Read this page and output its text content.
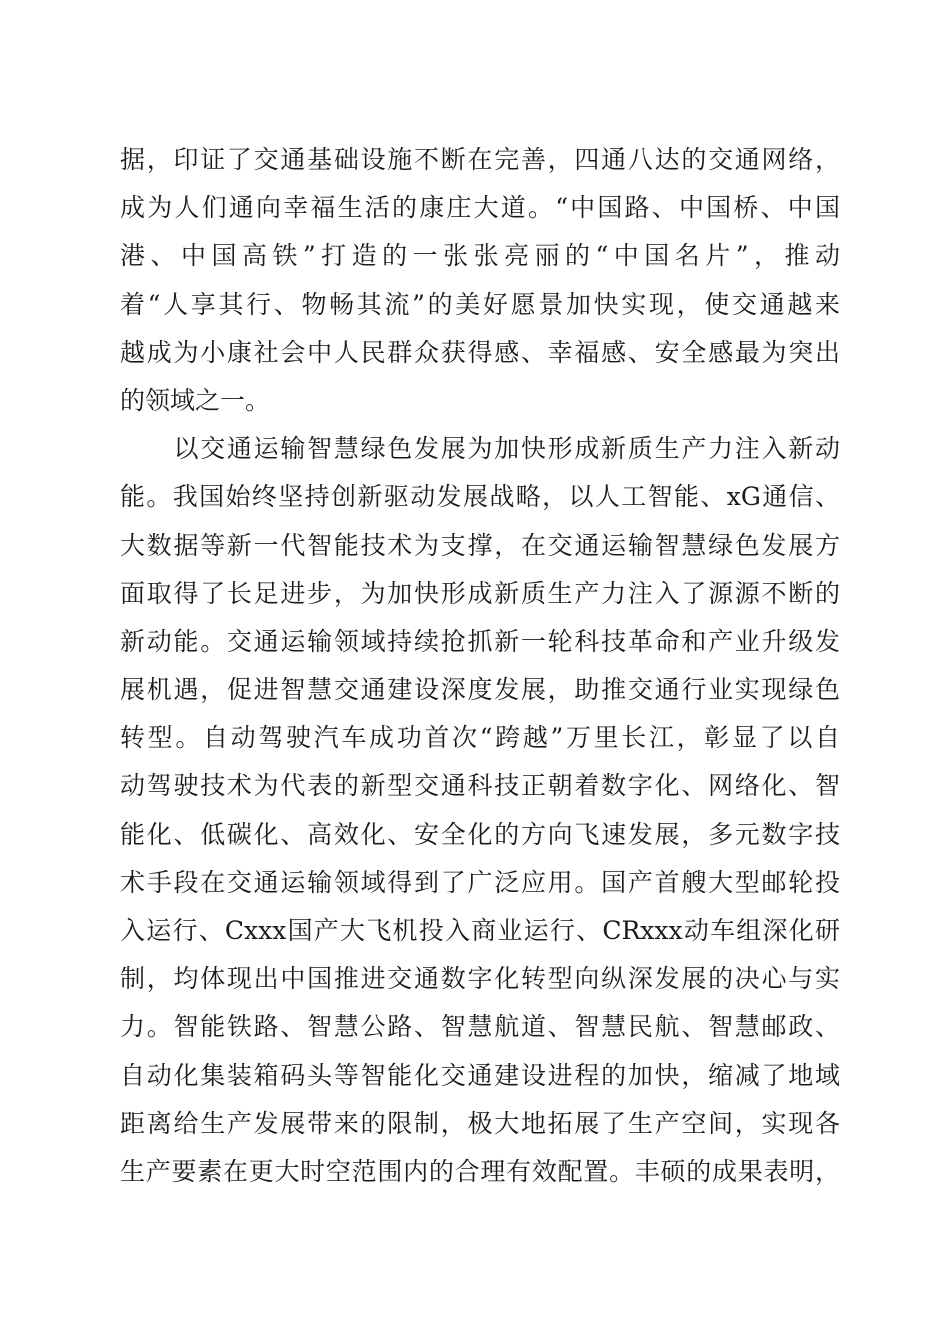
据，印证了交通基础设施不断在完善，四通八达的交通网络，
成为人们通向幸福生活的康庄大道。“中国路、中国桥、中国
港、中国高铁”打造的一张张亮丽的“中国名片”，推动
着“人享其行、物畅其流”的美好愿景加快实现，使交通越来
越成为小康社会中人民群众获得感、幸福感、安全感最为突出
的领域之一。
　　以交通运输智慧绿色发展为加快形成新质生产力注入新动
能。我国始终坚持创新驱动发展战略，以人工智能、xG通信、
大数据等新一代智能技术为支撑，在交通运输智慧绿色发展方
面取得了长足进步，为加快形成新质生产力注入了源源不断的
新动能。交通运输领域持续抢抓新一轮科技革命和产业升级发
展机遇，促进智慧交通建设深度发展，助推交通行业实现绿色
转型。自动驾驶汽车成功首次“跨越”万里长江，彰显了以自
动驾驶技术为代表的新型交通科技正朝着数字化、网络化、智
能化、低碳化、高效化、安全化的方向飞速发展，多元数字技
术手段在交通运输领域得到了广泛应用。国产首艘大型邮轮投
入运行、Cxxx国产大飞机投入商业运行、CRxxx动车组深化研
制，均体现出中国推进交通数字化转型向纵深发展的决心与实
力。智能铁路、智慧公路、智慧航道、智慧民航、智慧邮政、
自动化集装箱码头等智能化交通建设进程的加快，缩减了地域
距离给生产发展带来的限制，极大地拓展了生产空间，实现各
生产要素在更大时空范围内的合理有效配置。丰硕的成果表明，
